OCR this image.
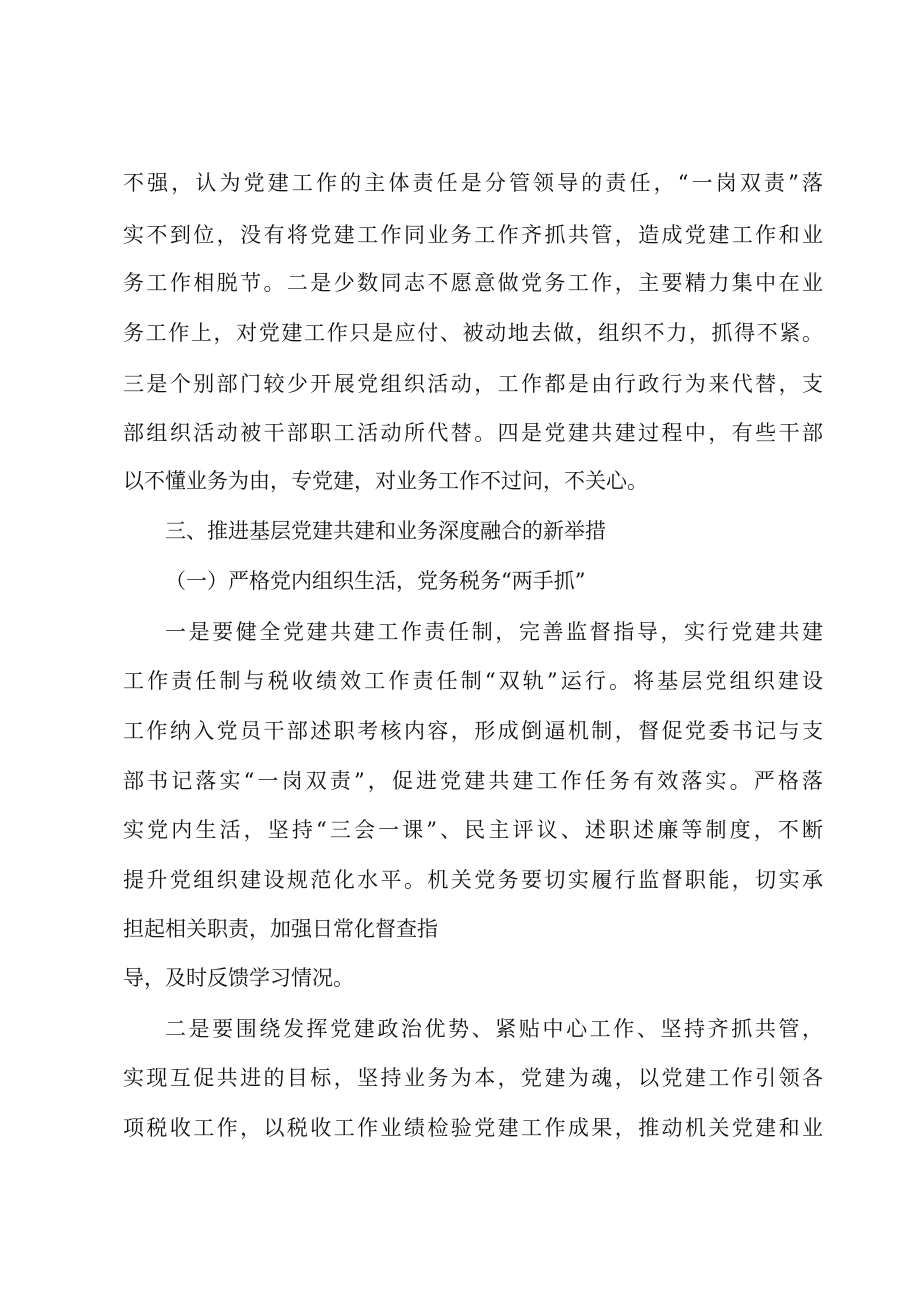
不强，认为党建工作的主体责任是分管领导的责任，“一岗双责”落
实不到位，没有将党建工作同业务工作齐抓共管，造成党建工作和业
务工作相脱节。二是少数同志不愿意做党务工作，主要精力集中在业
务工作上，对党建工作只是应付、被动地去做，组织不力，抓得不紧。
三是个别部门较少开展党组织活动，工作都是由行政行为来代替，支
部组织活动被干部职工活动所代替。四是党建共建过程中，有些干部
以不懂业务为由，专党建，对业务工作不过问，不关心。
三、推进基层党建共建和业务深度融合的新举措
（一）严格党内组织生活，党务税务“两手抓”
一是要健全党建共建工作责任制，完善监督指导，实行党建共建
工作责任制与税收绩效工作责任制“双轨”运行。将基层党组织建设
工作纳入党员干部述职考核内容，形成倒逼机制，督促党委书记与支
部书记落实“一岗双责”，促进党建共建工作任务有效落实。严格落
实党内生活，坚持“三会一课”、民主评议、述职述廉等制度，不断
提升党组织建设规范化水平。机关党务要切实履行监督职能，切实承
担起相关职责，加强日常化督查指
导，及时反馈学习情况。
二是要围绕发挥党建政治优势、紧贴中心工作、坚持齐抓共管，
实现互促共进的目标，坚持业务为本，党建为魂，以党建工作引领各
项税收工作，以税收工作业绩检验党建工作成果，推动机关党建和业
